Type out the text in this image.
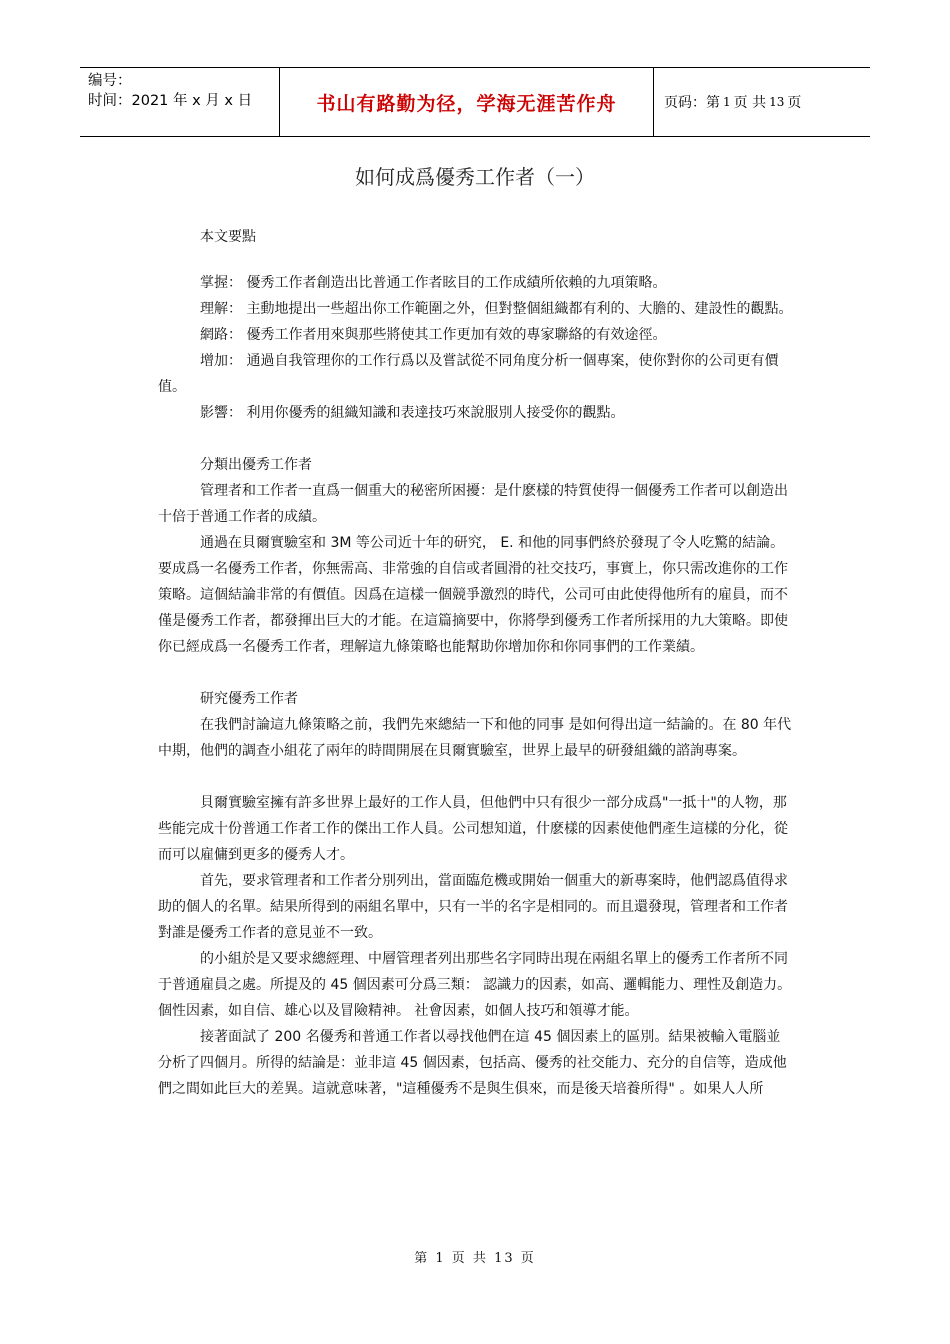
编号：
时间：2021 年 x 月 x 日	书山有路勤为径，学海无涯苦作舟	页码：第 1 页 共 13 页
如何成爲優秀工作者（一）

本文要點

掌握： 優秀工作者創造出比普通工作者眩目的工作成績所依賴的九項策略。

理解： 主動地提出一些超出你工作範圍之外，但對整個組織都有利的、大膽的、建設性的觀點。

網路： 優秀工作者用來與那些將使其工作更加有效的專家聯絡的有效途徑。

增加： 通過自我管理你的工作行爲以及嘗試從不同角度分析一個專案，使你對你的公司更有價值。

影響： 利用你優秀的組織知識和表達技巧來說服別人接受你的觀點。

分類出優秀工作者

管理者和工作者一直爲一個重大的秘密所困擾：是什麽樣的特質使得一個優秀工作者可以創造出十倍于普通工作者的成績。

通過在貝爾實驗室和 3M 等公司近十年的研究， E. 和他的同事們終於發現了令人吃驚的結論。要成爲一名優秀工作者，你無需高、非常強的自信或者圓滑的社交技巧，事實上，你只需改進你的工作策略。這個結論非常的有價值。因爲在這樣一個競爭激烈的時代，公司可由此使得他所有的雇員，而不僅是優秀工作者，都發揮出巨大的才能。在這篇摘要中，你將學到優秀工作者所採用的九大策略。即使你已經成爲一名優秀工作者，理解這九條策略也能幫助你增加你和你同事們的工作業績。

研究優秀工作者

在我們討論這九條策略之前，我們先來總結一下和他的同事 是如何得出這一結論的。在 80 年代中期，他們的調查小組花了兩年的時間開展在貝爾實驗室，世界上最早的研發組織的諮詢專案。

貝爾實驗室擁有許多世界上最好的工作人員，但他們中只有很少一部分成爲"一抵十"的人物，那些能完成十份普通工作者工作的傑出工作人員。公司想知道，什麽樣的因素使他們產生這樣的分化，從而可以雇傭到更多的優秀人才。

首先，要求管理者和工作者分別列出，當面臨危機或開始一個重大的新專案時，他們認爲值得求助的個人的名單。結果所得到的兩組名單中，只有一半的名字是相同的。而且還發現，管理者和工作者對誰是優秀工作者的意見並不一致。

的小組於是又要求總經理、中層管理者列出那些名字同時出現在兩組名單上的優秀工作者所不同于普通雇員之處。所提及的 45 個因素可分爲三類： 認識力的因素，如高、邏輯能力、理性及創造力。 個性因素，如自信、雄心以及冒險精神。 社會因素，如個人技巧和領導才能。

接著面試了 200 名優秀和普通工作者以尋找他們在這 45 個因素上的區別。結果被輸入電腦並分析了四個月。所得的結論是：並非這 45 個因素，包括高、優秀的社交能力、充分的自信等，造成他們之間如此巨大的差異。這就意味著，"這種優秀不是與生俱來，而是後天培養所得" 。如果人人所

第 1 页 共 13 页
